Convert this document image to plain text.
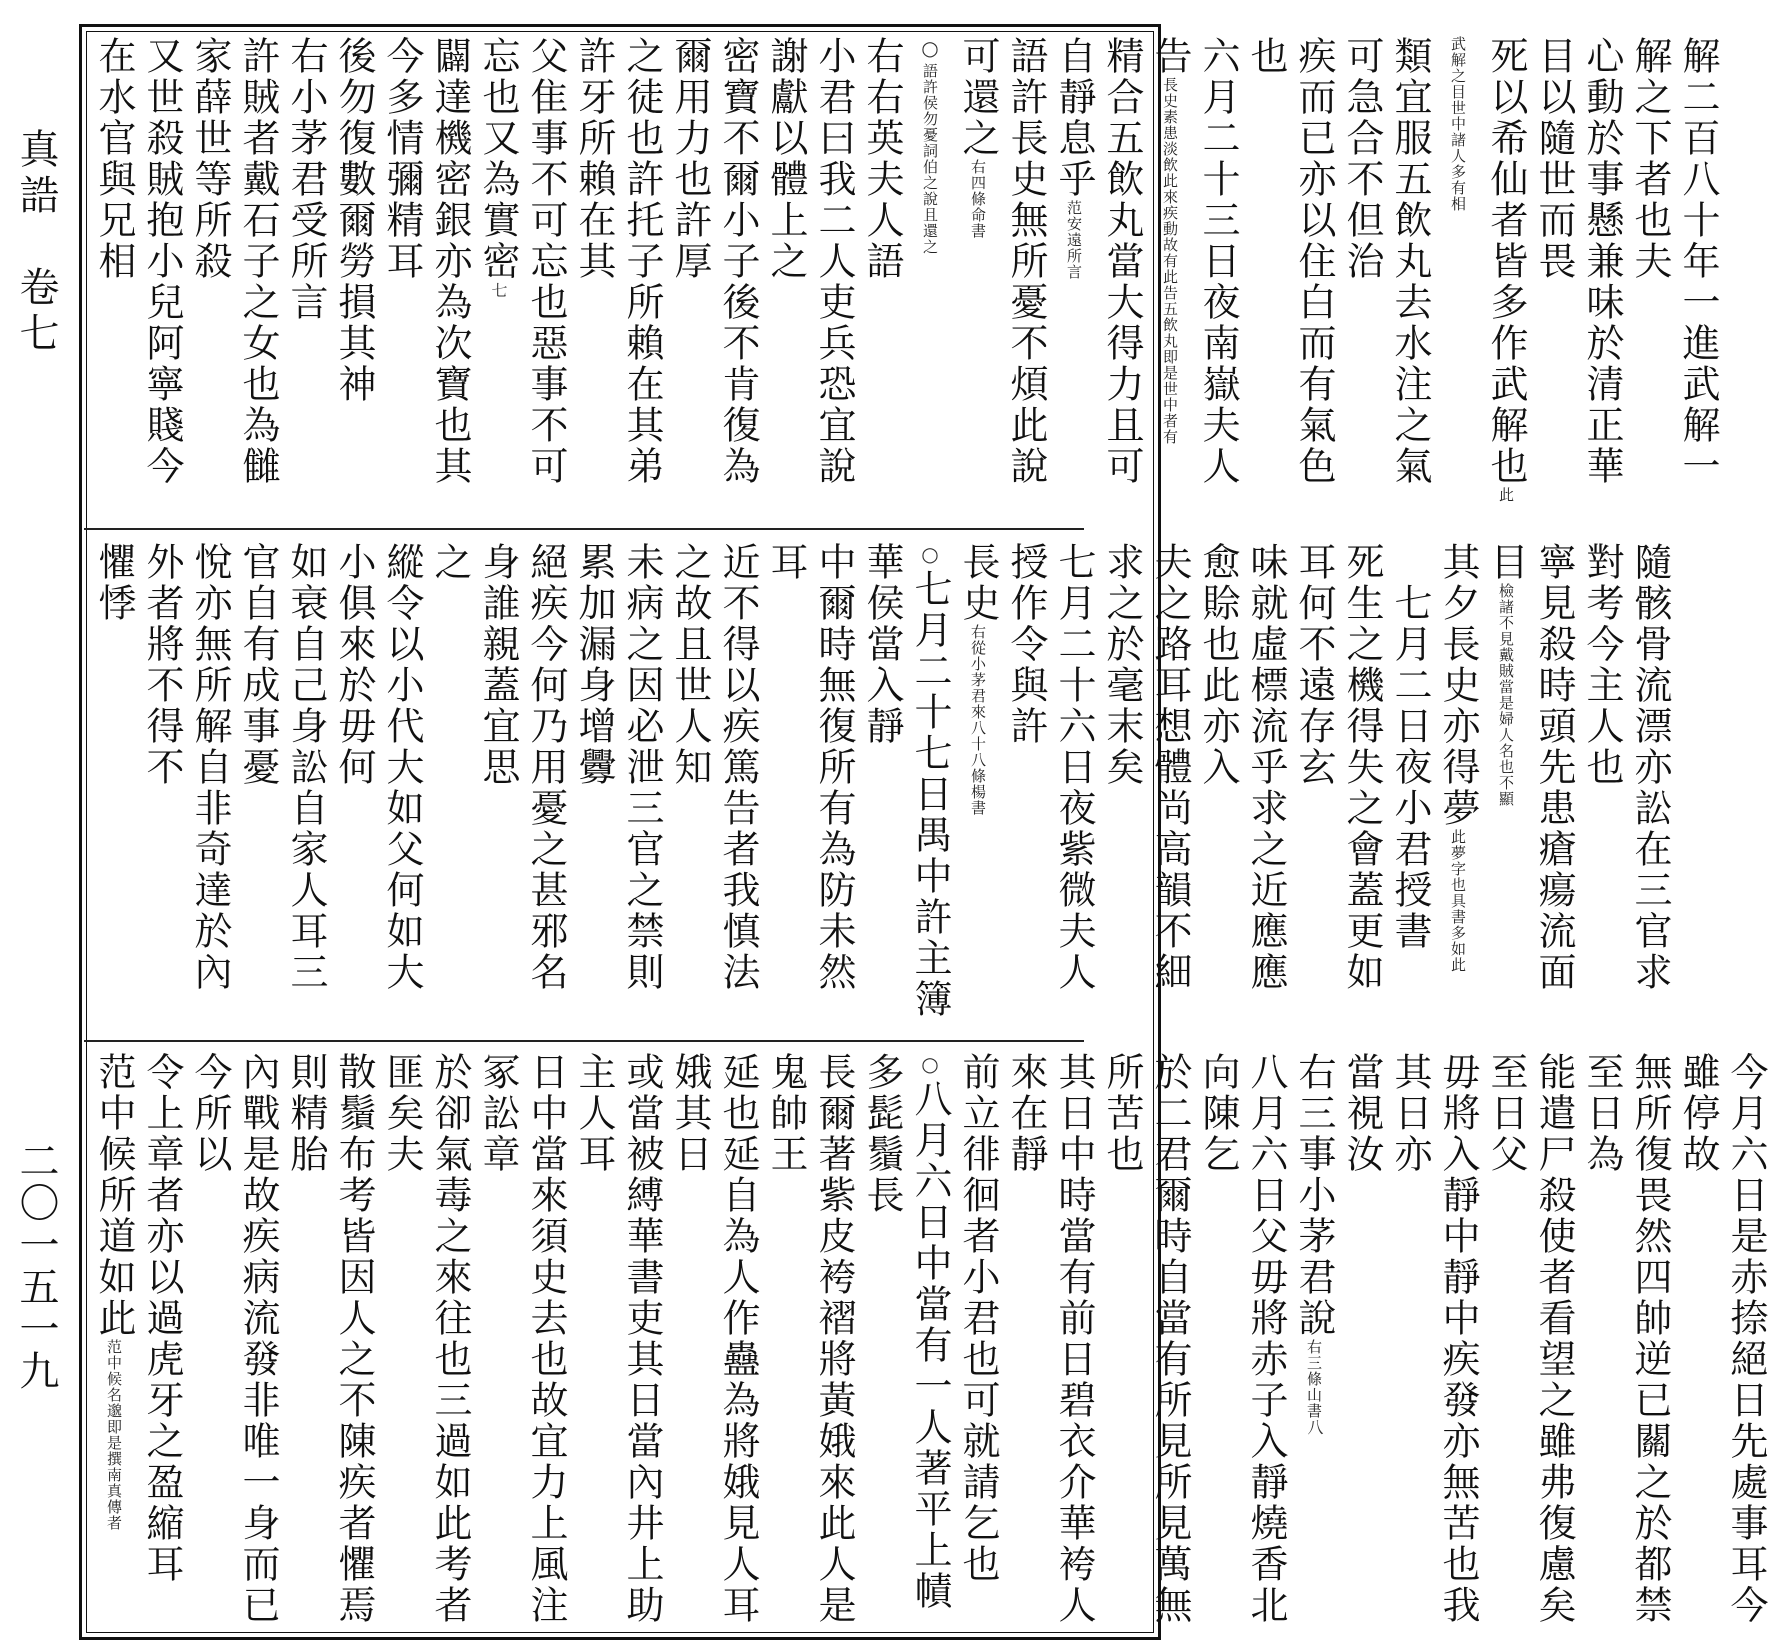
真誥　卷七
二〇一五一九

解二百八十年一進武解一解之下者也夫

心動於事懸兼味於清正華目以隨世而畏

死以希仙者皆多作武解也此武解之目世中諸人多有相

類宜服五飲丸去水注之氣可急合不但治

疾而已亦以住白而有氣色也

六月二十三日夜南嶽夫人告長史素患淡飲此來疾動故有此告五飲丸即是世中者有

精合五飲丸當大得力且可自靜息乎范安遠所言

語許長史無所憂不煩此說可還之右四條命書

○語許侯勿憂詞伯之說且還之

右右英夫人語

小君曰我二人吏兵恐宜說謝獻以體上之

密寶不爾小子後不肯復為爾用力也許厚

之徒也許托子所賴在其弟許牙所賴在其

父隹事不可忘也惡事不可忘也又為實密七

闢達機密銀亦為次寶也其今多情彌精耳

後勿復數爾勞損其神

右小茅君受所言

許賊者戴石子之女也為雠家薛世等所殺

又世殺賊抱小兒阿寧賤今在水官與兄相

隨骸骨流漂亦訟在三官求對考今主人也

寧見殺時頭先患瘡瘍流面目檢諸不見戴賊當是婦人名也不顯

其夕長史亦得夢此夢字也具書多如此

　七月二日夜小君授書

死生之機得失之會蓋更如耳何不遠存玄

味就虛標流乎求之近應應愈賒也此亦入

夫之路耳想體尚高韻不細求之於毫末矣

七月二十六日夜紫微夫人授作令與許

長史右從小茅君來八十八條楊書

○七月二十七日禺中許主簿華侯當入靜

中爾時無復所有為防未然耳

近不得以疾篤告者我慎法之故且世人知

未病之因必泄三官之禁則累加漏身增釁

絕疾今何乃用憂之甚邪名身誰親蓋宜思

之

縱令以小代大如父何如大小俱來於毋何

如衰自己身訟自家人耳三官自有成事憂

悅亦無所解自非奇達於內外者將不得不

懼悸

今月六日是赤捺絕日先處事耳今雖停故

無所復畏然四帥逆已關之於都禁至日為

能遣尸殺使者看望之雖弗復慮矣至日父

毋將入靜中靜中疾發亦無苦也我其日亦

當視汝

右三事小茅君說右三條山書八

八月六日父毋將赤子入靜燒香北向陳乞

於二君爾時自當有所見所見萬無所苦也

其日中時當有前日碧衣介華袴人來在靜

前立徘徊者小君也可就請乞也

○八月六日中當有一人著平上幘多髭鬚長

長爾著紫皮袴褶將黃娥來此人是鬼帥王

延也延自為人作蠱為將娥見人耳娥其日

或當被縛華書吏其日當內井上助主人耳

日中當來須史去也故宜力上風注冢訟章

於卻氣毒之來往也三過如此考者匪矣夫

散鬚布考皆因人之不陳疾者懼焉則精胎

內戰是故疾病流發非唯一身而已今所以

令上章者亦以過虎牙之盈縮耳

范中候所道如此范中候名邈即是撰南真傳者
